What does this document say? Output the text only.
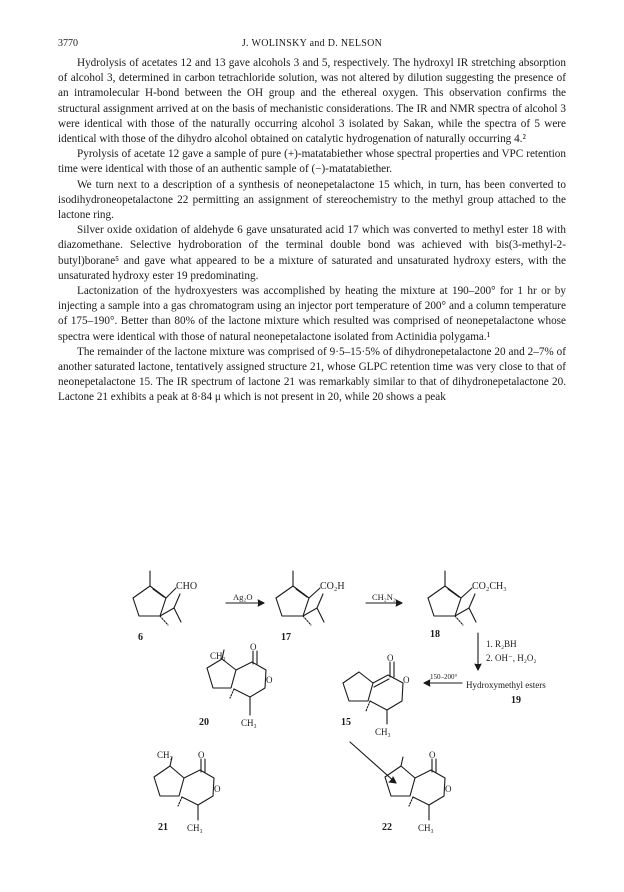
3770	J. WOLINSKY and D. NELSON

Hydrolysis of acetates 12 and 13 gave alcohols 3 and 5, respectively. The hydroxyl IR stretching absorption of alcohol 3, determined in carbon tetrachloride solution, was not altered by dilution suggesting the presence of an intramolecular H-bond between the OH group and the ethereal oxygen. This observation confirms the structural assignment arrived at on the basis of mechanistic considerations. The IR and NMR spectra of alcohol 3 were identical with those of the naturally occurring alcohol 3 isolated by Sakan, while the spectra of 5 were identical with those of the dihydro alcohol obtained on catalytic hydrogenation of naturally occurring 4.²

Pyrolysis of acetate 12 gave a sample of pure (+)-matatabiether whose spectral properties and VPC retention time were identical with those of an authentic sample of (−)-matatabiether.

We turn next to a description of a synthesis of neonepetalactone 15 which, in turn, has been converted to isodihydroneopetalactone 22 permitting an assignment of stereochemistry to the methyl group attached to the lactone ring.

Silver oxide oxidation of aldehyde 6 gave unsaturated acid 17 which was converted to methyl ester 18 with diazomethane. Selective hydroboration of the terminal double bond was achieved with bis(3-methyl-2-butyl)borane⁵ and gave what appeared to be a mixture of saturated and unsaturated hydroxy esters, with the unsaturated hydroxy ester 19 predominating.

Lactonization of the hydroxyesters was accomplished by heating the mixture at 190–200° for 1 hr or by injecting a sample into a gas chromatogram using an injector port temperature of 200° and a column temperature of 175–190°. Better than 80% of the lactone mixture which resulted was comprised of neonepetalactone whose spectra were identical with those of natural neonepetalactone isolated from Actinidia polygama.¹

The remainder of the lactone mixture was comprised of 9·5–15·5% of dihydronepetalactone 20 and 2–7% of another saturated lactone, tentatively assigned structure 21, whose GLPC retention time was very close to that of neonepetalactone 15. The IR spectrum of lactone 21 was remarkably similar to that of dihydronepetalactone 20. Lactone 21 exhibits a peak at 8·84 μ which is not present in 20, while 20 shows a peak

CHO	CO₂H	CO₂CH₃
Ag₂O	CH₂N₂
1. R₂BH
2. OH⁻, H₂O₂
150–200°
Hydroxymethyl esters
CH₃
O
O
CH₃
O
O
CH₃
CH₃	O
O
CH₃
O
O
CH₃
6	17	18
19
20	15
21	22
